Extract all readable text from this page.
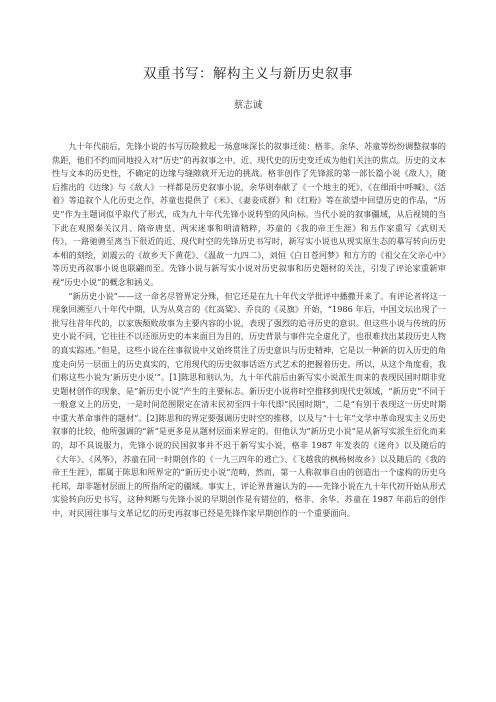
双重书写：解构主义与新历史叙事
蔡志诚

九十年代前后，先锋小说的书写历险掀起一场意味深长的叙事迁徙：格非、余华、苏童等纷纷调整叙事的焦距，他们不约而同地投入对“历史”的再叙事之中，近、现代史的历史变迁成为他们关注的焦点。历史的文本性与文本的历史性，不确定的边缘与缝隙就开无边的挑战。格非创作了先锋派的第一部长篇小说《敌人》，随后推出的《边缘》与《敌人》一样都是历史叙事小说，余华则奉献了《一个地主的死》、《在细雨中呼喊》、《活着》等追叙个人化历史之作，苏童也提供了《米》、《妻妾成群》和《红粉》等在欲望中回望历史的作品，“历史”作为主题词似乎取代了形式，成为九十年代先锋小说转型的风向标。当代小说的叙事疆域，从后视镜的当下此在观照秦关汉月、隋帝唐皇、两宋迷事和明清精粹，苏童的《我的帝王生涯》和五作家重写《武则天传》，一路驰骋至离当下很近的近、现代时空的先锋历史书写时，新写实小说也从现实原生态的摹写转向历史本相的刻绘，刘震云的《故乡天下黄花》、《温故一九四二》，刘恒《白日苍河梦》和方方的《祖父在父亲心中》等历史再叙事小说也联翩而至。先锋小说与新写实小说对历史叙事和历史题材的关注，引发了评论家重新审视“历史小说”的概念和涵义。

“新历史小说”——这一命名尽管界定分殊，但它还是在九十年代文学批评中播撒开来了。有评论者将这一现象回溯至八十年代中期，认为从莫言的《红高粱》、乔良的《灵旗》开始，“1986 年后，中国文坛出现了一批写往昔年代的，以家族颓败故事为主要内容的小说，表现了强烈的追寻历史的意识。但这些小说与传统的历史小说不同，它往往不以还原历史的本来面目为目的，历史背景与事件完全虚化了，也很难找出某段历史人物的真实踪迹。”但是，这些小说在往事叙说中又始终贯注了历史意识与历史精神，它是以一种新的切入历史的角度走向另一层面上的历史真实的，它用现代的历史叙事话语方式艺术的把握着历史。所以，从这个角度看，我们称这些小说为‘新历史小说’”。[1]陈思和则认为，九十年代前后由新写实小说派生而来的表现民国时期非党史题材创作的现象，是“新历史小说”产生的主要标志。新历史小说将时空推移到现代史领域，“新历史”不同于一般意义上的历史，一是时间范围限定在清末民初至四十年代即“民国时期”，二是“有别于表现这一历史时期中重大革命事件的题材”。[2]陈思和的界定要强调历史时空的推移，以及与“十七年”文学中革命现实主义历史叙事的比较，他所强调的“新”是更多是从题材层面来界定的。但他认为“新历史小说”是从新写实派生衍化而来的，却不具说服力，先锋小说的民国叙事并不迟于新写实小说，格非 1987 年发表的《迷舟》以及随后的《大年》、《风筝》，苏童在同一时期创作的《一九三四年的逃亡》、《飞越我的枫杨树故乡》以及随后的《我的帝王生涯》，都属于陈思和所界定的“新历史小说”范畴，然而，第一人称叙事自由的创造出一个虚构的历史乌托邦，却非题材层面上的所指所定的疆域。事实上，评论界普遍认为的——先锋小说在九十年代初开始从形式实验转向历史书写，这种判断与先锋小说的早期创作是有错位的，格非、余华、苏童在 1987 年前后的创作中，对民国往事与文革记忆的历史再叙事已经是先锋作家早期创作的一个重要面向。
